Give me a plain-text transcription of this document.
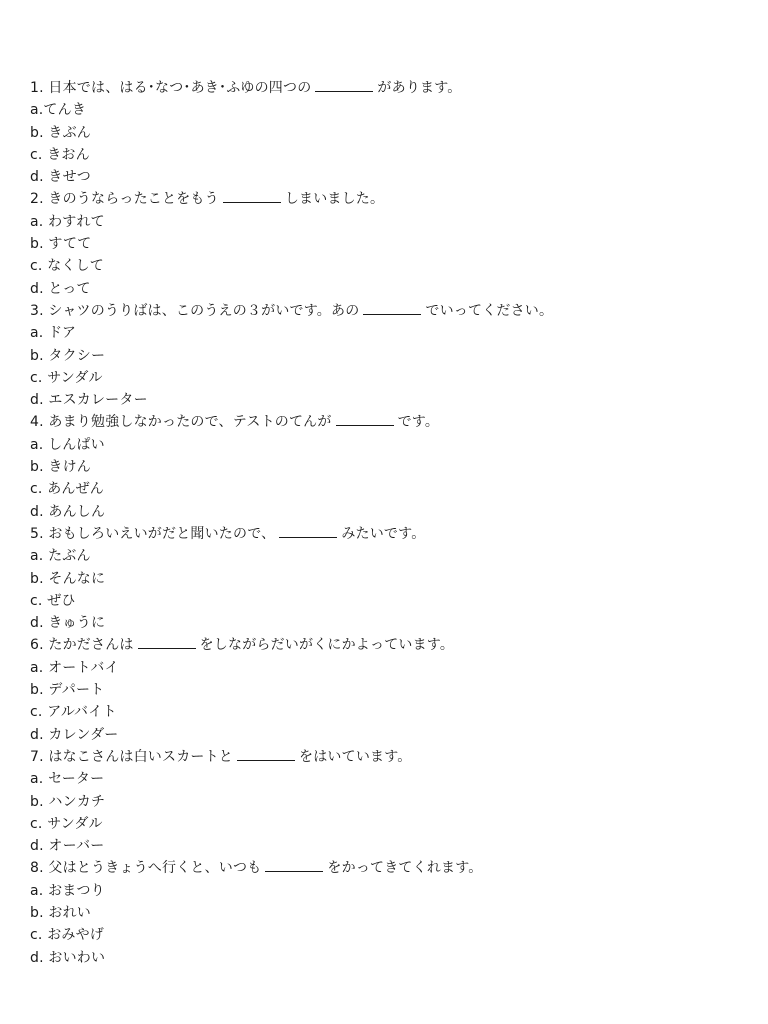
1. 日本では、はる･なつ･あき･ふゆの四つの	があります。
a.てんき
b. きぶん
c. きおん
d. きせつ
2. きのうならったことをもう	しまいました。
a. わすれて
b. すてて
c. なくして
d. とって
3. シャツのうりばは、このうえの３がいです。あの	でいってください。
a. ドア
b. タクシー
c. サンダル
d. エスカレーター
4. あまり勉強しなかったので、テストのてんが	です。
a. しんぱい
b. きけん
c. あんぜん
d. あんしん
5. おもしろいえいがだと聞いたので、	みたいです。
a. たぶん
b. そんなに
c. ぜひ
d. きゅうに
6. たかださんは	をしながらだいがくにかよっています。
a. オートバイ
b. デパート
c. アルバイト
d. カレンダー
7. はなこさんは白いスカートと	をはいています。
a. セーター
b. ハンカチ
c. サンダル
d. オーバー
8. 父はとうきょうへ行くと、いつも	をかってきてくれます。
a. おまつり
b. おれい
c. おみやげ
d. おいわい
